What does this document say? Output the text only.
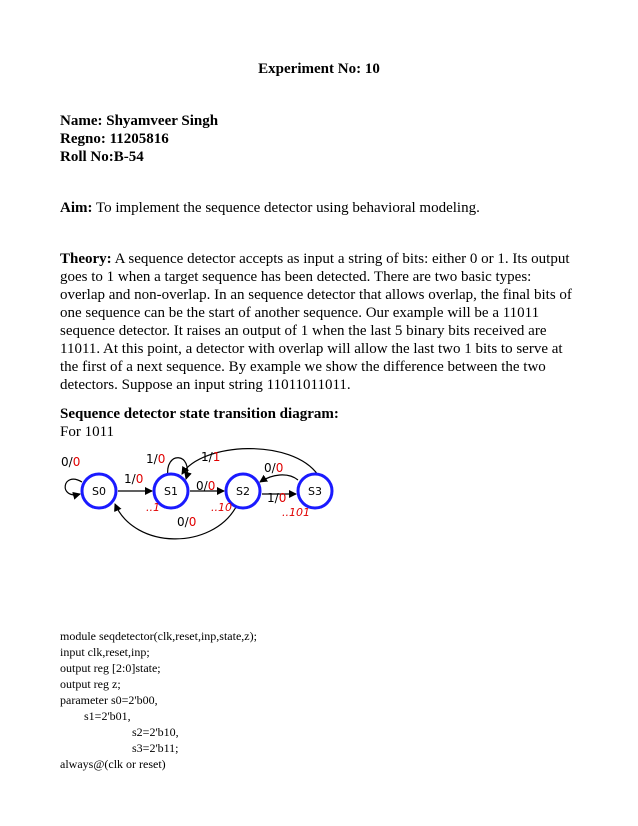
Experiment No: 10
Name: Shyamveer Singh
Regno: 11205816
Roll No:B-54
Aim: To implement the sequence detector using behavioral modeling.
Theory: A sequence detector accepts as input a string of bits: either 0 or 1. Its output
goes to 1 when a target sequence has been detected. There are two basic types:
overlap and non-overlap. In an sequence detector that allows overlap, the final bits of
one sequence can be the start of another sequence. Our example will be a 11011
sequence detector. It raises an output of 1 when the last 5 binary bits received are
11011. At this point, a detector with overlap will allow the last two 1 bits to serve at
the first of a next sequence. By example we show the difference between the two
detectors. Suppose an input string 11011011011.
Sequence detector state transition diagram:
For 1011
S0	S1	S2	S3
0/0
1/0
1/0
0/0
1/1
0/0
1/0
0/0
..1	..10	..101
module seqdetector(clk,reset,inp,state,z);
input clk,reset,inp;
output reg [2:0]state;
output reg z;
parameter s0=2'b00,
s1=2'b01,
s2=2'b10,
s3=2'b11;
always@(clk or reset)
